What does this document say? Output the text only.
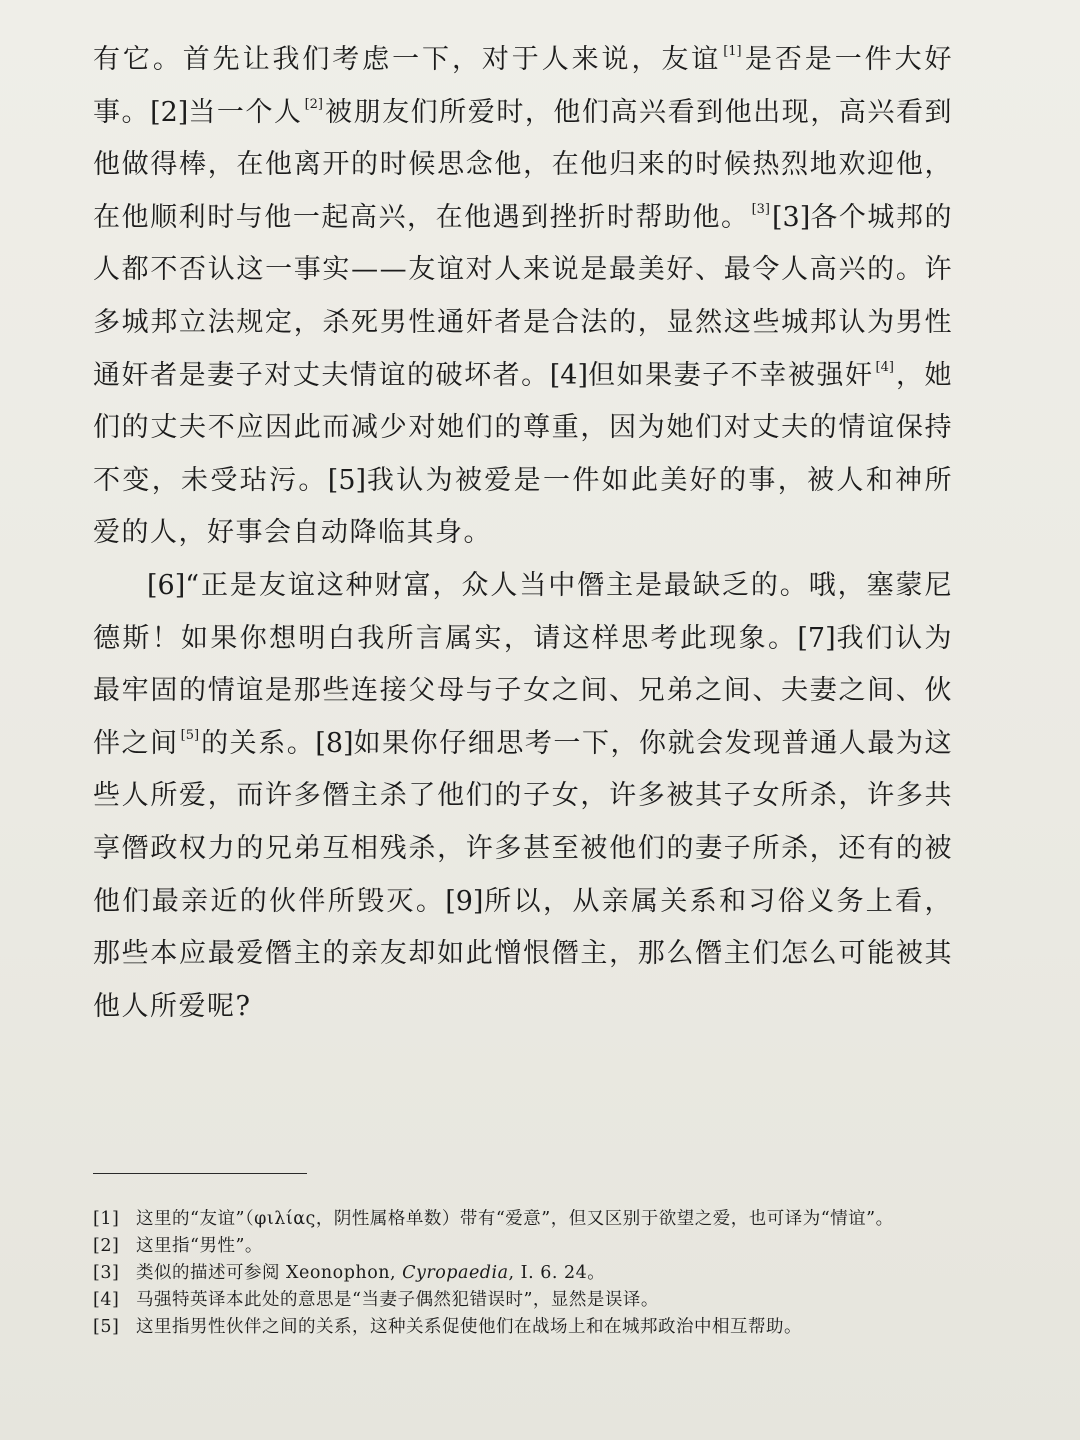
有它。首先让我们考虑一下，对于人来说，友谊 [1]是否是一件大好事。[2]当一个人 [2]被朋友们所爱时，他们高兴看到他出现，高兴看到他做得棒，在他离开的时候思念他，在他归来的时候热烈地欢迎他，在他顺利时与他一起高兴，在他遇到挫折时帮助他。 [3][3]各个城邦的人都不否认这一事实——友谊对人来说是最美好、最令人高兴的。许多城邦立法规定，杀死男性通奸者是合法的，显然这些城邦认为男性通奸者是妻子对丈夫情谊的破坏者。[4]但如果妻子不幸被强奸 [4]，她们的丈夫不应因此而减少对她们的尊重，因为她们对丈夫的情谊保持不变，未受玷污。[5]我认为被爱是一件如此美好的事，被人和神所爱的人，好事会自动降临其身。

[6]“正是友谊这种财富，众人当中僭主是最缺乏的。哦，塞蒙尼德斯！如果你想明白我所言属实，请这样思考此现象。[7]我们认为最牢固的情谊是那些连接父母与子女之间、兄弟之间、夫妻之间、伙伴之间 [5]的关系。[8]如果你仔细思考一下，你就会发现普通人最为这些人所爱，而许多僭主杀了他们的子女，许多被其子女所杀，许多共享僭政权力的兄弟互相残杀，许多甚至被他们的妻子所杀，还有的被他们最亲近的伙伴所毁灭。[9]所以，从亲属关系和习俗义务上看，那些本应最爱僭主的亲友却如此憎恨僭主，那么僭主们怎么可能被其他人所爱呢?

[1] 这里的“友谊”（φιλίας，阴性属格单数）带有“爱意”，但又区别于欲望之爱，也可译为“情谊”。
[2] 这里指“男性”。
[3] 类似的描述可参阅 Xeonophon, Cyropaedia, I. 6. 24。
[4] 马强特英译本此处的意思是“当妻子偶然犯错误时”，显然是误译。
[5] 这里指男性伙伴之间的关系，这种关系促使他们在战场上和在城邦政治中相互帮助。
